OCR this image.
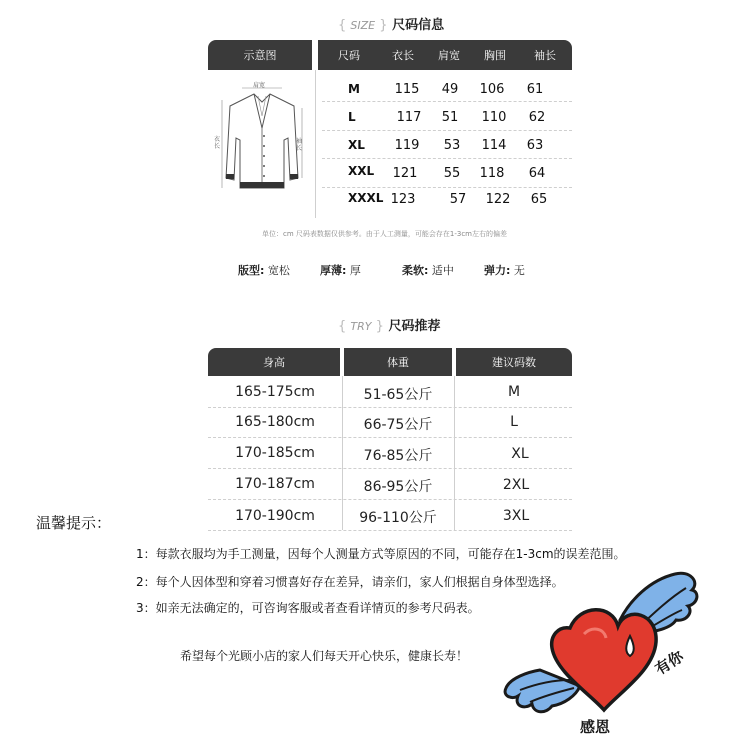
{ SIZE } 尺码信息
示意图	尺码	衣长	肩宽	胸围	袖长
肩宽
衣长
袖长
M	115	49	106	61
L	117	51	110	62
XL	119	53	114	63
XXL	121	55	118	64
XXXL 123	57	122	65
单位：cm 尺码表数据仅供参考。由于人工测量，可能会存在1-3cm左右的偏差
版型: 宽松	厚薄: 厚	柔软: 适中	弹力: 无
{ TRY } 尺码推荐
身高	体重	建议码数
165-175cm	51-65公斤	M
165-180cm	66-75公斤	L
170-185cm	76-85公斤	XL
170-187cm	86-95公斤	2XL
170-190cm	96-110公斤	3XL
温馨提示：
1：每款衣服均为手工测量，因每个人测量方式等原因的不同，可能存在1-3cm的误差范围。
2：每个人因体型和穿着习惯喜好存在差异，请亲们，家人们根据自身体型选择。
3：如亲无法确定的，可咨询客服或者查看详情页的参考尺码表。
希望每个光顾小店的家人们每天开心快乐，健康长寿！	有你
感恩
